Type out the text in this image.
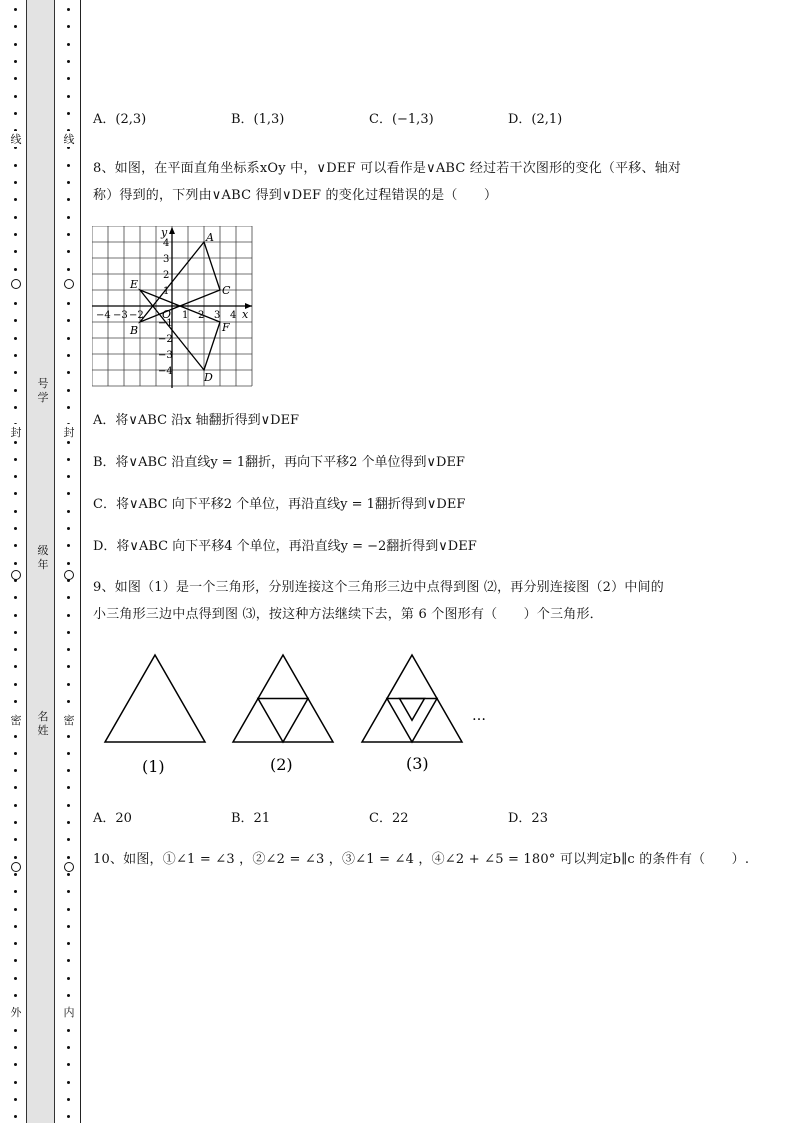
线
封
密
外
线
封
密
内
号学
级年
名姓
A．(2,3)	B．(1,3)	C．(−1,3)	D．(2,1)
8、如图，在平面直角坐标系xOy 中，∨DEF 可以看作是∨ABC 经过若干次图形的变化（平移、轴对
称）得到的，下列由∨ABC 得到∨DEF 的变化过程错误的是（　　）
A
B
C
D
E
F
x
y
O
−4 −3 −2	1 2 3 4
4
3
2
1
−1
−2
−3
−4
A．将∨ABC 沿x 轴翻折得到∨DEF
B．将∨ABC 沿直线y = 1翻折，再向下平移2 个单位得到∨DEF
C．将∨ABC 向下平移2 个单位，再沿直线y = 1翻折得到∨DEF
D．将∨ABC 向下平移4 个单位，再沿直线y = −2翻折得到∨DEF
9、如图（1）是一个三角形，分别连接这个三角形三边中点得到图 ⑵，再分别连接图（2）中间的
小三角形三边中点得到图 ⑶，按这种方法继续下去，第 6 个图形有（　　）个三角形．
(1)	(2)	(3)
…
A．20	B．21	C．22	D．23
10、如图，①∠1 = ∠3 ，②∠2 = ∠3 ，③∠1 = ∠4 ，④∠2 + ∠5 = 180° 可以判定b∥c 的条件有（　　）.
